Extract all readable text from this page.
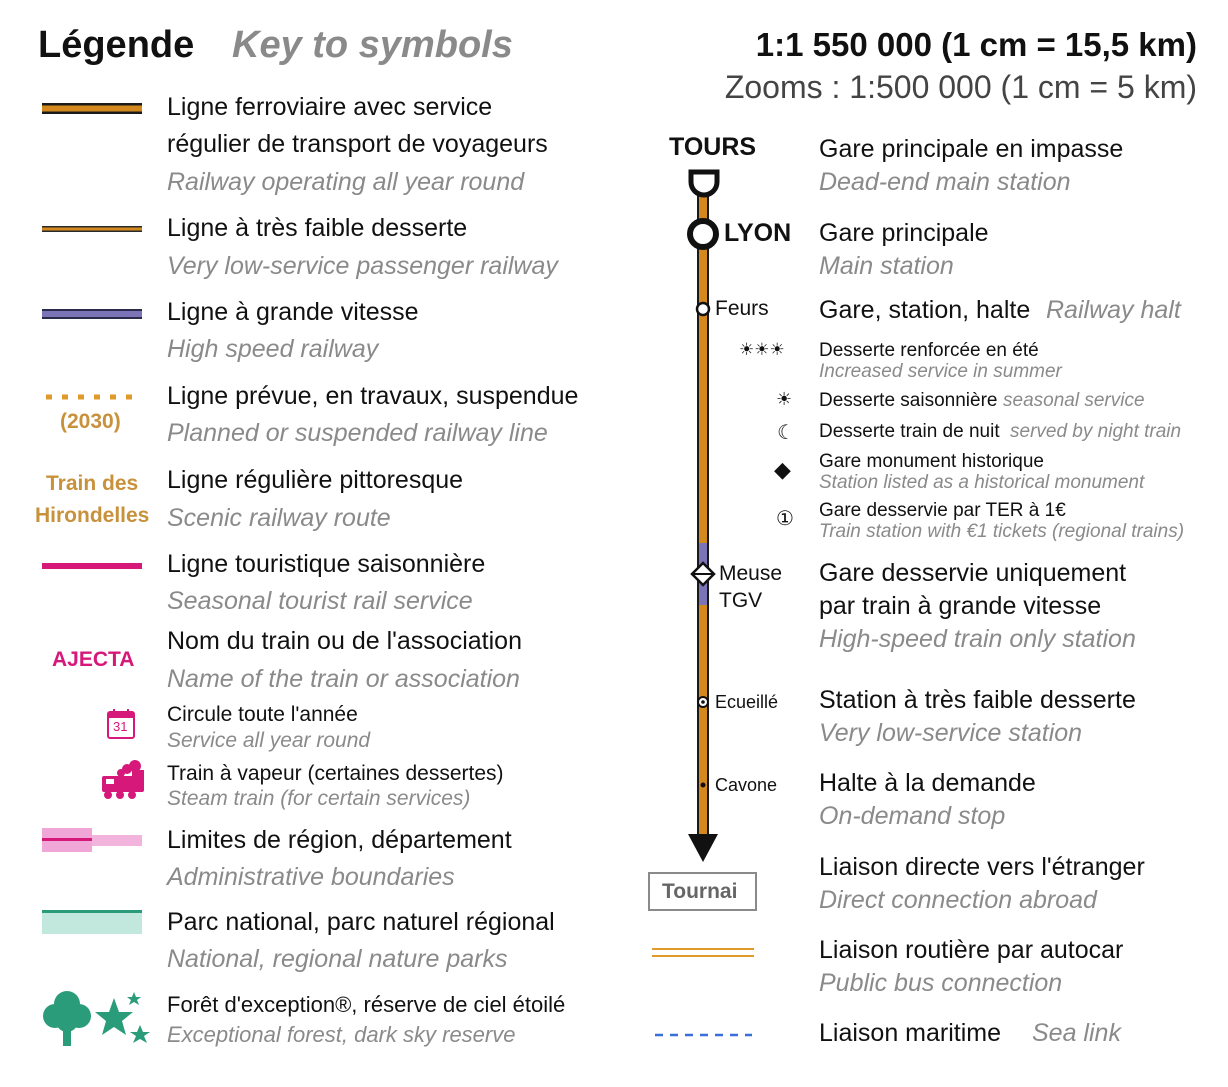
Légende Key to symbols	1:1 550 000 (1 cm = 15,5 km)
Zooms : 1:500 000 (1 cm = 5 km)
(2030)
Train des
Hirondelles
AJECTA
31
Ligne ferroviaire avec service
régulier de transport de voyageurs
Railway operating all year round
Ligne à très faible desserte
Very low-service passenger railway
Ligne à grande vitesse
High speed railway
Ligne prévue, en travaux, suspendue
Planned or suspended railway line
Ligne régulière pittoresque
Scenic railway route
Ligne touristique saisonnière
Seasonal tourist rail service
Nom du train ou de l'association
Name of the train or association
Circule toute l'année
Service all year round
Train à vapeur (certaines dessertes)
Steam train (for certain services)
Limites de région, département
Administrative boundaries
Parc national, parc naturel régional
National, regional nature parks
Forêt d'exception®, réserve de ciel étoilé
Exceptional forest, dark sky reserve
TOURS
LYON
Feurs
Meuse
TGV
Ecueillé
Cavone
Tournai
☀☀☀
☀
☾
◆
①
Gare principale en impasse
Dead-end main station
Gare principale
Main station
Gare, station, halte Railway halt
Desserte renforcée en été
Increased service in summer
Desserte saisonnière seasonal service
Desserte train de nuit served by night train
Gare monument historique
Station listed as a historical monument
Gare desservie par TER à 1€
Train station with €1 tickets (regional trains)
Gare desservie uniquement
par train à grande vitesse
High-speed train only station
Station à très faible desserte
Very low-service station
Halte à la demande
On-demand stop
Liaison directe vers l'étranger
Direct connection abroad
Liaison routière par autocar
Public bus connection
Liaison maritime Sea link
